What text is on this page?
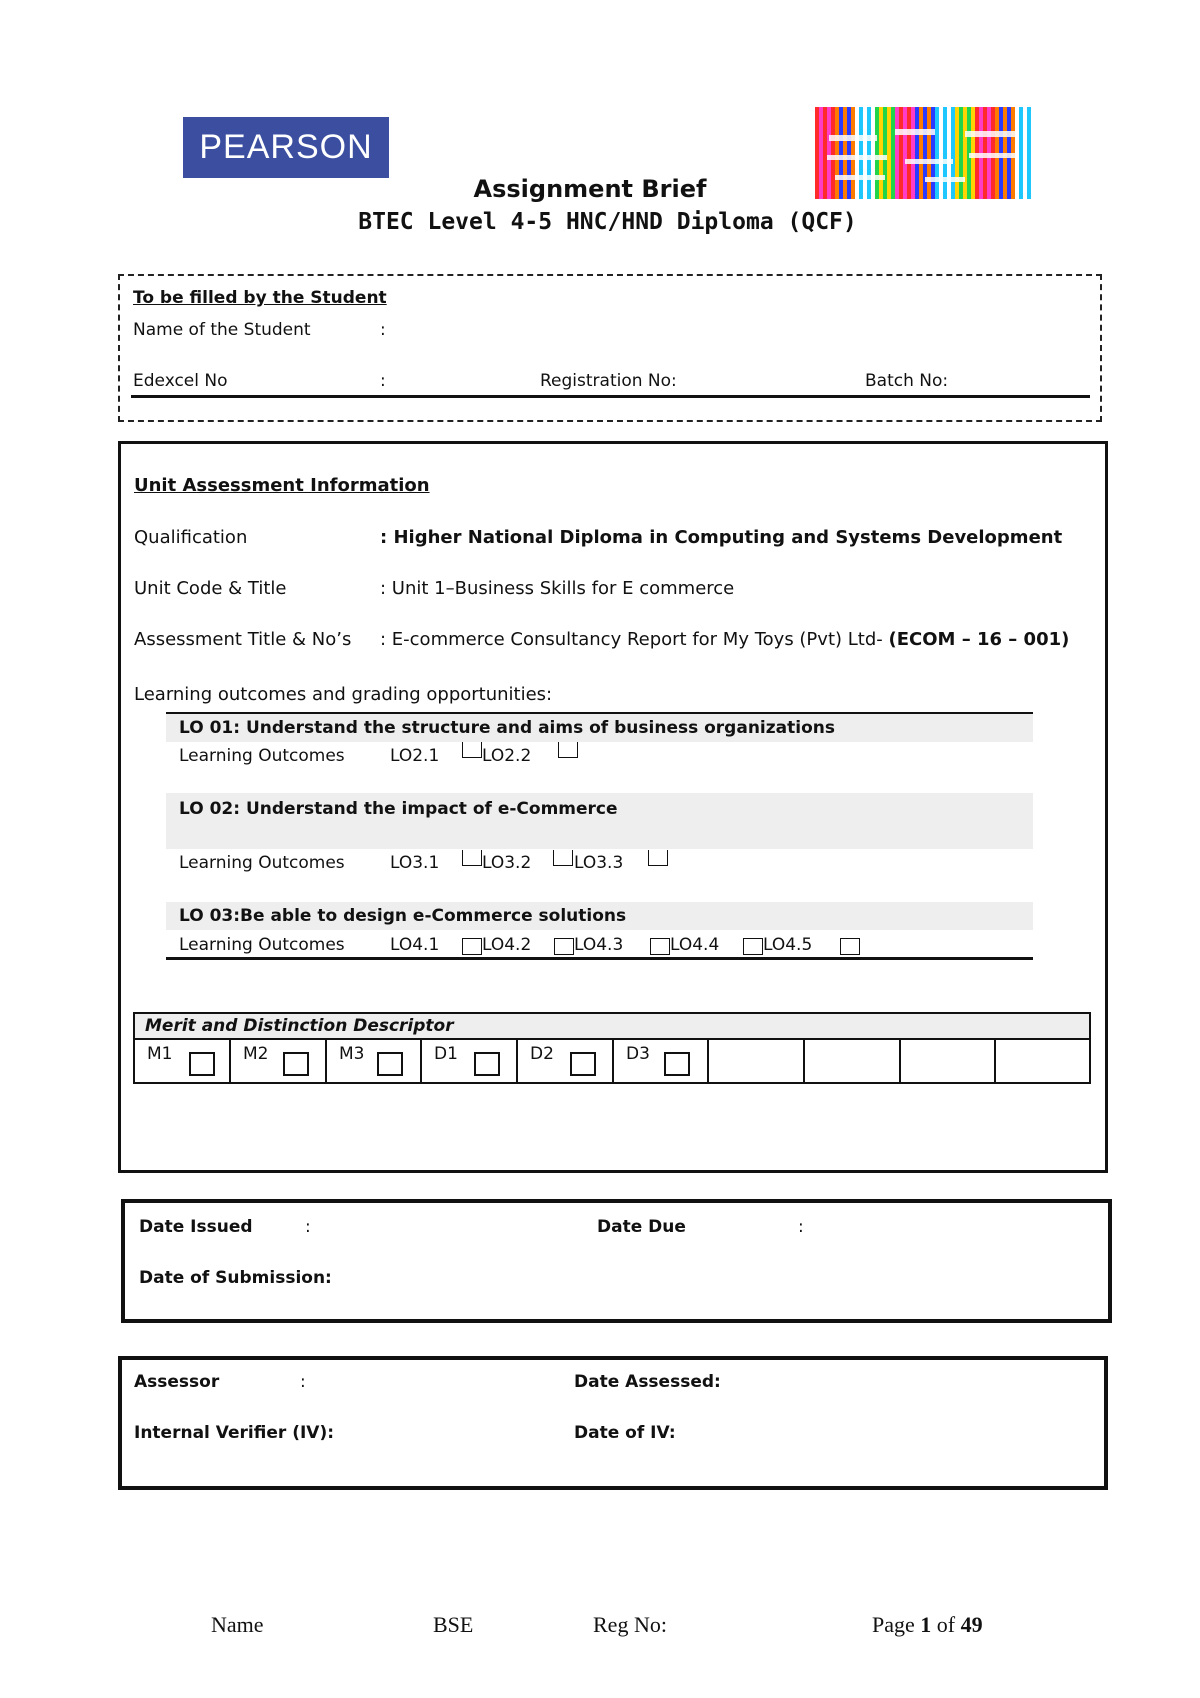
PEARSON
Assignment Brief
BTEC Level 4-5 HNC/HND Diploma (QCF)
To be filled by the Student
Name of the Student	:
Edexcel No	:	Registration No:	Batch No:
Unit Assessment Information
Qualification	: Higher National Diploma in Computing and Systems Development
Unit Code & Title	: Unit 1–Business Skills for E commerce
Assessment Title & No’s : E-commerce Consultancy Report for My Toys (Pvt) Ltd- (ECOM – 16 – 001)
Learning outcomes and grading opportunities:
LO 01: Understand the structure and aims of business organizations
Learning Outcomes	LO2.1	LO2.2
LO 02: Understand the impact of e-Commerce
Learning Outcomes	LO3.1	LO3.2	LO3.3
LO 03:Be able to design e-Commerce solutions
Learning Outcomes	LO4.1	LO4.2	LO4.3	LO4.4	LO4.5
Merit and Distinction Descriptor
M1	M2	M3	D1	D2	D3
Date Issued	:	Date Due	:
Date of Submission:
Assessor	:	Date Assessed:
Internal Verifier (IV):	Date of IV:
Name	BSE	Reg No:	Page 1 of 49
